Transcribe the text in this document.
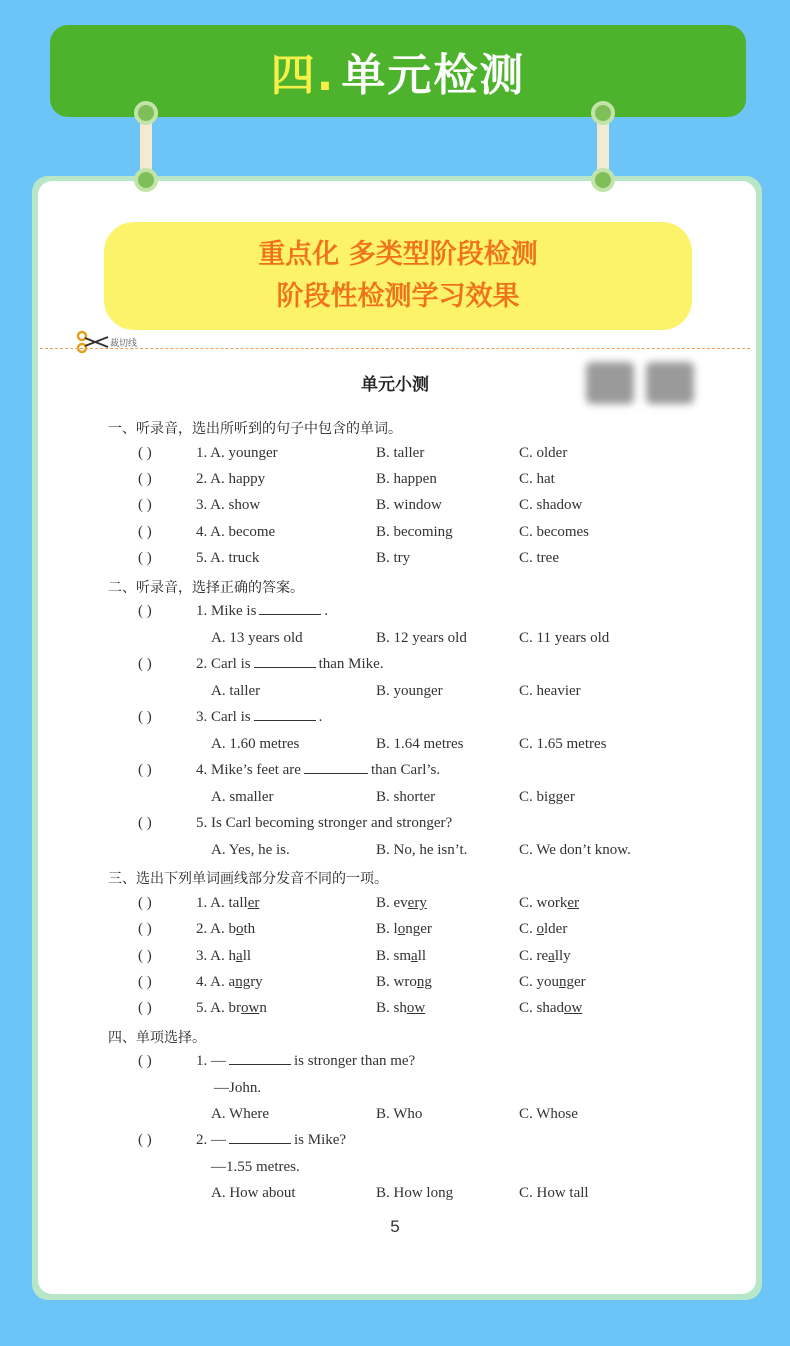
四. 单元检测
重点化 多类型阶段检测
阶段性检测学习效果
裁切线
单元小测
一、听录音，选出所听到的句子中包含的单词。
( )	1. A. younger	B. taller	C. older
( )	2. A. happy	B. happen	C. hat
( )	3. A. show	B. window	C. shadow
( )	4. A. become	B. becoming	C. becomes
( )	5. A. truck	B. try	C. tree
二、听录音，选择正确的答案。
( )	1. Mike is	.
A. 13 years old	B. 12 years old	C. 11 years old
( )	2. Carl is	than Mike.
A. taller	B. younger	C. heavier
( )	3. Carl is	.
A. 1.60 metres	B. 1.64 metres	C. 1.65 metres
( )	4. Mike’s feet are	than Carl’s.
A. smaller	B. shorter	C. bigger
( )	5. Is Carl becoming stronger and stronger?
A. Yes, he is.	B. No, he isn’t.	C. We don’t know.
三、选出下列单词画线部分发音不同的一项。
( )	1. A. taller	B. every	C. worker
( )	2. A. both	B. longer	C. older
( )	3. A. hall	B. small	C. really
( )	4. A. angry	B. wrong	C. younger
( )	5. A. brown	B. show	C. shadow
四、单项选择。
( )	1. —	is stronger than me?
—John.
A. Where	B. Who	C. Whose
( )	2. —	is Mike?
—1.55 metres.
A. How about	B. How long	C. How tall
5
